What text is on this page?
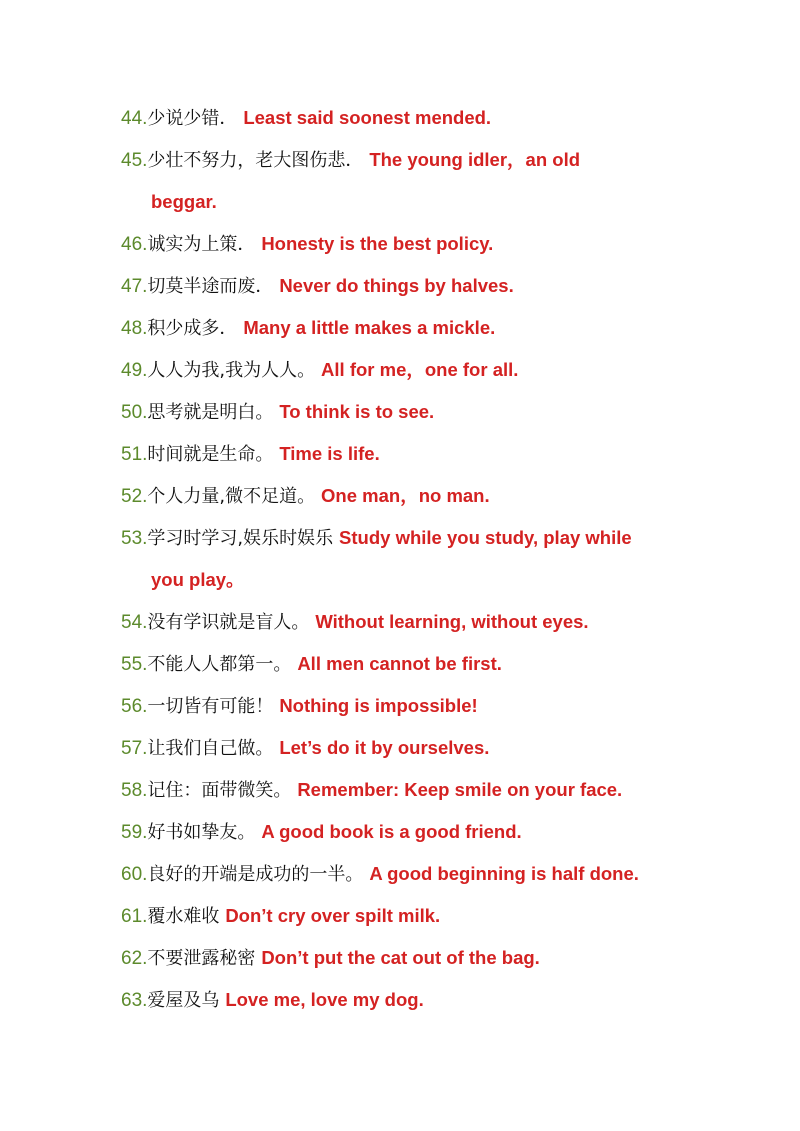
44.少说少错． Least said soonest mended.
45.少壮不努力，老大图伤悲． The young idler，an old
beggar.
46.诚实为上策． Honesty is the best policy.
47.切莫半途而废． Never do things by halves.
48.积少成多． Many a little makes a mickle.
49.人人为我,我为人人。 All for me，one for all.
50.思考就是明白。 To think is to see.
51.时间就是生命。 Time is life.
52.个人力量,微不足道。 One man，no man.
53.学习时学习,娱乐时娱乐 Study while you study, play while
you play。
54.没有学识就是盲人。 Without learning, without eyes.
55.不能人人都第一。 All men cannot be first.
56.一切皆有可能！ Nothing is impossible!
57.让我们自己做。 Let’s do it by ourselves.
58.记住：面带微笑。 Remember: Keep smile on your face.
59.好书如挚友。 A good book is a good friend.
60.良好的开端是成功的一半。 A good beginning is half done.
61.覆水难收 Don’t cry over spilt milk.
62.不要泄露秘密 Don’t put the cat out of the bag.
63.爱屋及乌 Love me, love my dog.
